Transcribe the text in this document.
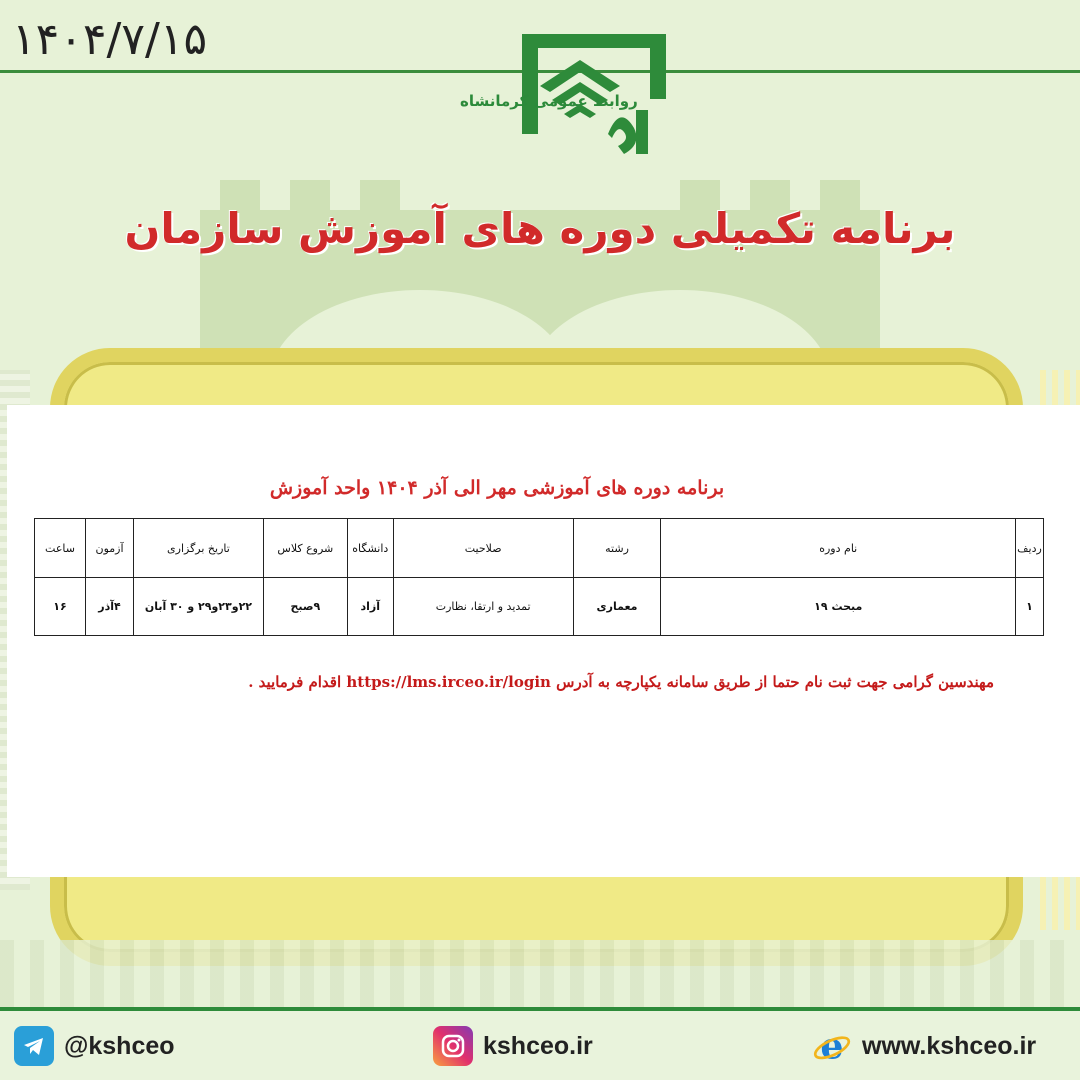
۱۴۰۴/۷/۱۵
روابط عمومی کرمانشاه
برنامه تکمیلی دوره های آموزش سازمان
برنامه دوره های آموزشی مهر الی آذر ۱۴۰۴ واحد آموزش
ردیف	نام دوره	رشته	صلاحیت	دانشگاه	شروع کلاس	تاریخ برگزاری	آزمون	ساعت
۱	مبحث ۱۹	معماری	تمدید و ارتقا، نظارت	آزاد	۹صبح	۲۲و۲۳و۲۹ و ۳۰ آبان	۴آذر	۱۶
مهندسین گرامی جهت ثبت نام حتما از طریق سامانه یکپارچه به آدرس https://lms.irceo.ir/login اقدام فرمایید .
@kshceo	kshceo.ir	e www.kshceo.ir
